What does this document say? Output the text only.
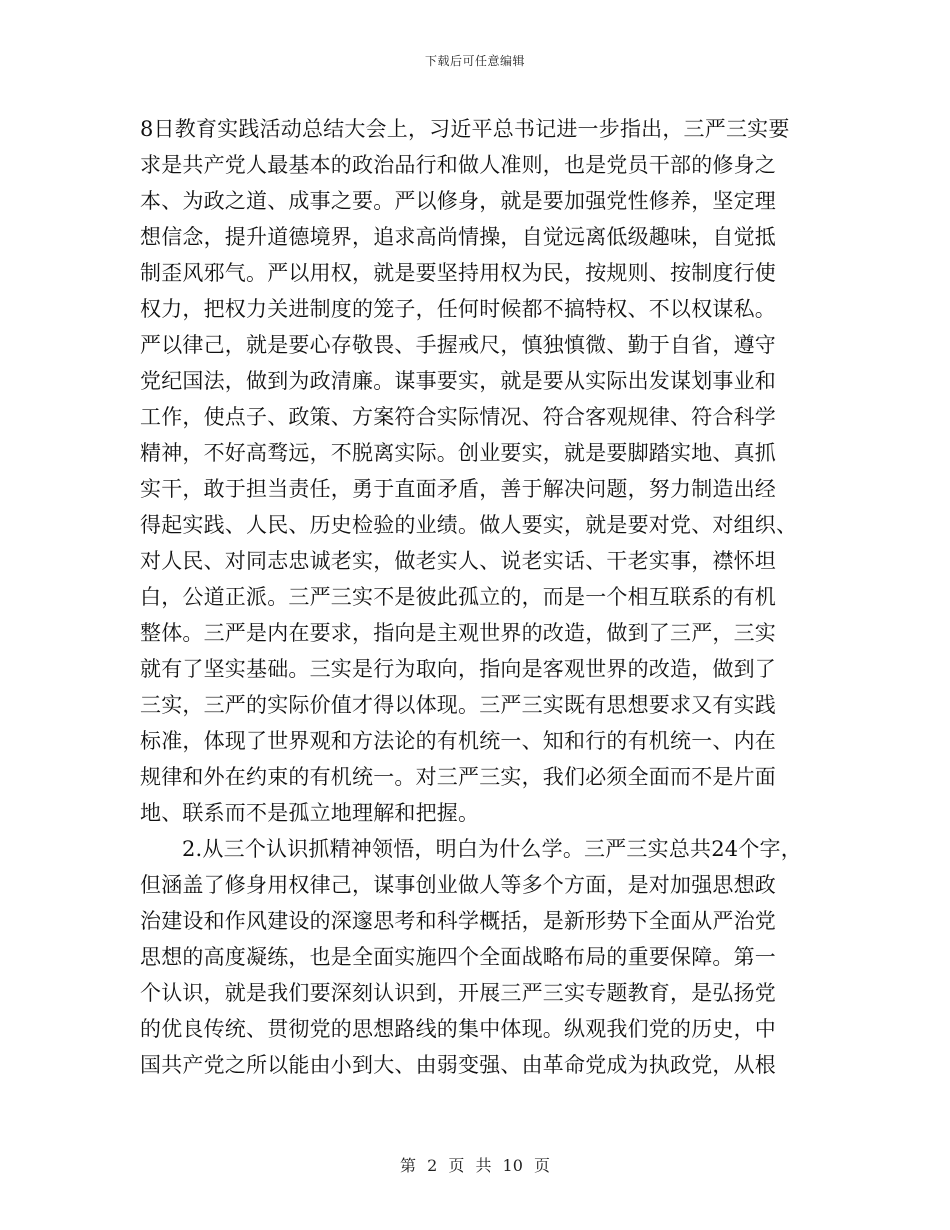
下载后可任意编辑
8日教育实践活动总结大会上，习近平总书记进一步指出，三严三实要
求是共产党人最基本的政治品行和做人准则，也是党员干部的修身之
本、为政之道、成事之要。严以修身，就是要加强党性修养，坚定理
想信念，提升道德境界，追求高尚情操，自觉远离低级趣味，自觉抵
制歪风邪气。严以用权，就是要坚持用权为民，按规则、按制度行使
权力，把权力关进制度的笼子，任何时候都不搞特权、不以权谋私。
严以律己，就是要心存敬畏、手握戒尺，慎独慎微、勤于自省，遵守
党纪国法，做到为政清廉。谋事要实，就是要从实际出发谋划事业和
工作，使点子、政策、方案符合实际情况、符合客观规律、符合科学
精神，不好高骛远，不脱离实际。创业要实，就是要脚踏实地、真抓
实干，敢于担当责任，勇于直面矛盾，善于解决问题，努力制造出经
得起实践、人民、历史检验的业绩。做人要实，就是要对党、对组织、
对人民、对同志忠诚老实，做老实人、说老实话、干老实事，襟怀坦
白，公道正派。三严三实不是彼此孤立的，而是一个相互联系的有机
整体。三严是内在要求，指向是主观世界的改造，做到了三严，三实
就有了坚实基础。三实是行为取向，指向是客观世界的改造，做到了
三实，三严的实际价值才得以体现。三严三实既有思想要求又有实践
标准，体现了世界观和方法论的有机统一、知和行的有机统一、内在
规律和外在约束的有机统一。对三严三实，我们必须全面而不是片面
地、联系而不是孤立地理解和把握。
2.从三个认识抓精神领悟，明白为什么学。三严三实总共24个字，
但涵盖了修身用权律己，谋事创业做人等多个方面，是对加强思想政
治建设和作风建设的深邃思考和科学概括，是新形势下全面从严治党
思想的高度凝练，也是全面实施四个全面战略布局的重要保障。第一
个认识，就是我们要深刻认识到，开展三严三实专题教育，是弘扬党
的优良传统、贯彻党的思想路线的集中体现。纵观我们党的历史，中
国共产党之所以能由小到大、由弱变强、由革命党成为执政党，从根
第 2 页 共 10 页
